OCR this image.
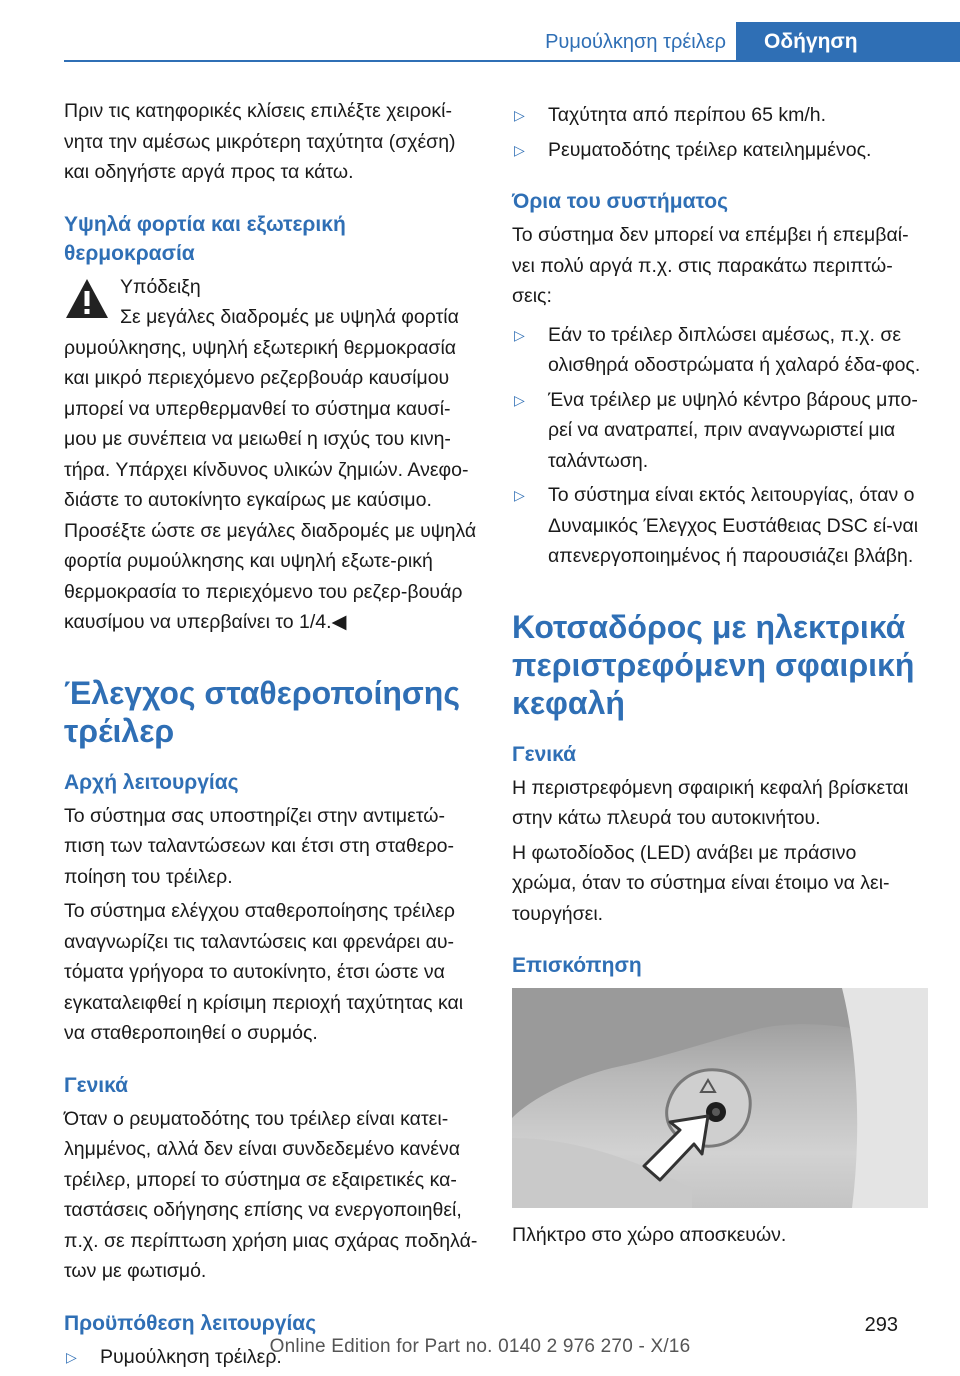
Ρυμούλκηση τρέιλερ	Οδήγηση

Πριν τις κατηφορικές κλίσεις επιλέξτε χειροκί-νητα την αμέσως μικρότερη ταχύτητα (σχέση) και οδηγήστε αργά προς τα κάτω.

Υψηλά φορτία και εξωτερική θερμοκρασία
Υπόδειξη
Σε μεγάλες διαδρομές με υψηλά φορτία
ρυμούλκησης, υψηλή εξωτερική θερμοκρασία και μικρό περιεχόμενο ρεζερβουάρ καυσίμου μπορεί να υπερθερμανθεί το σύστημα καυσί-μου με συνέπεια να μειωθεί η ισχύς του κινη-τήρα. Υπάρχει κίνδυνος υλικών ζημιών. Ανεφο-διάστε το αυτοκίνητο εγκαίρως με καύσιμο. Προσέξτε ώστε σε μεγάλες διαδρομές με υψηλά φορτία ρυμούλκησης και υψηλή εξωτε-ρική θερμοκρασία το περιεχόμενο του ρεζερ-βουάρ καυσίμου να υπερβαίνει το 1/4.◀
Έλεγχος σταθεροποίησης τρέιλερ
Αρχή λειτουργίας

Το σύστημα σας υποστηρίζει στην αντιμετώ-πιση των ταλαντώσεων και έτσι στη σταθερο-ποίηση του τρέιλερ.

Το σύστημα ελέγχου σταθεροποίησης τρέιλερ αναγνωρίζει τις ταλαντώσεις και φρενάρει αυ-τόματα γρήγορα το αυτοκίνητο, έτσι ώστε να εγκαταλειφθεί η κρίσιμη περιοχή ταχύτητας και να σταθεροποιηθεί ο συρμός.

Γενικά

Όταν ο ρευματοδότης του τρέιλερ είναι κατει-λημμένος, αλλά δεν είναι συνδεδεμένο κανένα τρέιλερ, μπορεί το σύστημα σε εξαιρετικές κα-ταστάσεις οδήγησης επίσης να ενεργοποιηθεί, π.χ. σε περίπτωση χρήση μιας σχάρας ποδηλά-των με φωτισμό.

Προϋπόθεση λειτουργίας
▷ Ρυμούλκηση τρέιλερ.
▷ Ταχύτητα από περίπου 65 km/h.
▷ Ρευματοδότης τρέιλερ κατειλημμένος.
Όρια του συστήματος

Το σύστημα δεν μπορεί να επέμβει ή επεμβαί-νει πολύ αργά π.χ. στις παρακάτω περιπτώ-σεις:

▷ Εάν το τρέιλερ διπλώσει αμέσως, π.χ. σε ολισθηρά οδοστρώματα ή χαλαρό έδα-φος.
▷ Ένα τρέιλερ με υψηλό κέντρο βάρους μπο-ρεί να ανατραπεί, πριν αναγνωριστεί μια ταλάντωση.
▷ Το σύστημα είναι εκτός λειτουργίας, όταν ο Δυναμικός Έλεγχος Ευστάθειας DSC εί-ναι απενεργοποιημένος ή παρουσιάζει βλάβη.
Κοτσαδόρος με ηλεκτρικά περιστρεφόμενη σφαιρική κεφαλή
Γενικά

Η περιστρεφόμενη σφαιρική κεφαλή βρίσκεται στην κάτω πλευρά του αυτοκινήτου.

Η φωτοδίοδος (LED) ανάβει με πράσινο χρώμα, όταν το σύστημα είναι έτοιμο να λει-τουργήσει.

Επισκόπηση

Πλήκτρο στο χώρο αποσκευών.

293
Online Edition for Part no. 0140 2 976 270 - X/16
